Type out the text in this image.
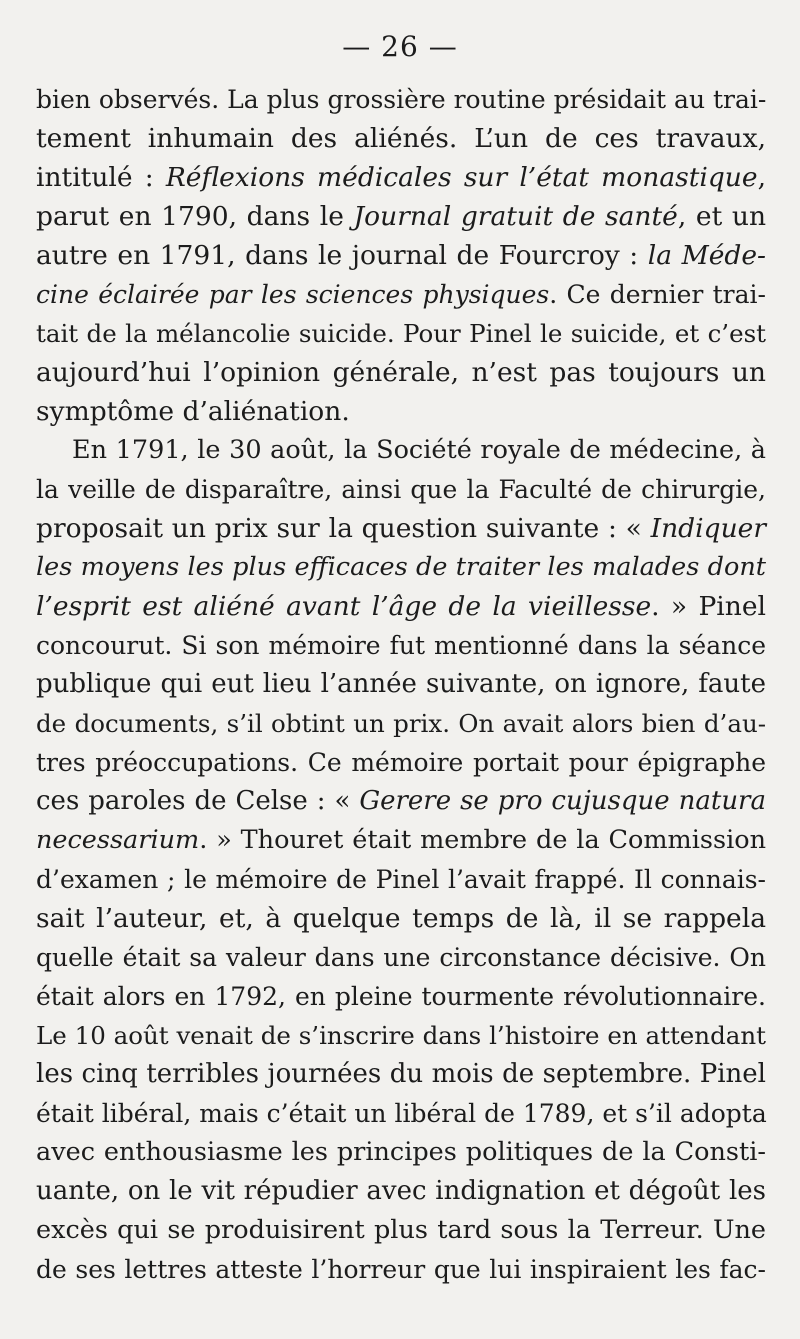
— 26 —
bien observés. La plus grossière routine présidait au trai-
tement inhumain des aliénés. L’un de ces travaux,
intitulé : Réflexions médicales sur l’état monastique,
parut en 1790, dans le Journal gratuit de santé, et un
autre en 1791, dans le journal de Fourcroy : la Méde-
cine éclairée par les sciences physiques. Ce dernier trai-
tait de la mélancolie suicide. Pour Pinel le suicide, et c’est
aujourd’hui l’opinion générale, n’est pas toujours un
symptôme d’aliénation.
En 1791, le 30 août, la Société royale de médecine, à
la veille de disparaître, ainsi que la Faculté de chirurgie,
proposait un prix sur la question suivante : « Indiquer
les moyens les plus efficaces de traiter les malades dont
l’esprit est aliéné avant l’âge de la vieillesse. » Pinel
concourut. Si son mémoire fut mentionné dans la séance
publique qui eut lieu l’année suivante, on ignore, faute
de documents, s’il obtint un prix. On avait alors bien d’au-
tres préoccupations. Ce mémoire portait pour épigraphe
ces paroles de Celse : « Gerere se pro cujusque natura
necessarium. » Thouret était membre de la Commission
d’examen ; le mémoire de Pinel l’avait frappé. Il connais-
sait l’auteur, et, à quelque temps de là, il se rappela
quelle était sa valeur dans une circonstance décisive. On
était alors en 1792, en pleine tourmente révolutionnaire.
Le 10 août venait de s’inscrire dans l’histoire en attendant
les cinq terribles journées du mois de septembre. Pinel
était libéral, mais c’était un libéral de 1789, et s’il adopta
avec enthousiasme les principes politiques de la Consti-
uante, on le vit répudier avec indignation et dégoût les
excès qui se produisirent plus tard sous la Terreur. Une
de ses lettres atteste l’horreur que lui inspiraient les fac-
